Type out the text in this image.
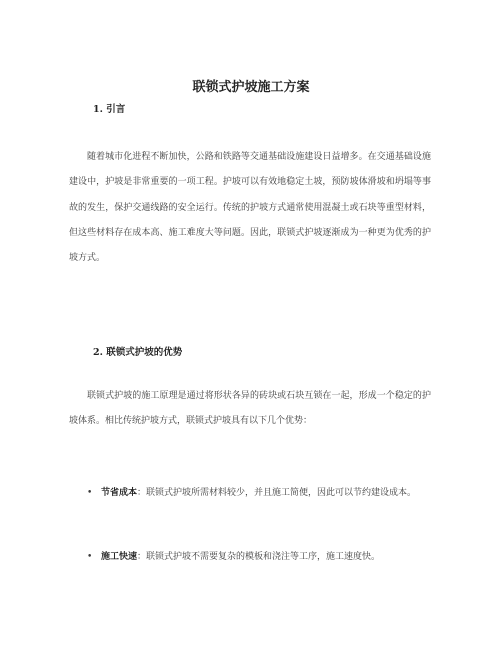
联锁式护坡施工方案
1. 引言

随着城市化进程不断加快，公路和铁路等交通基础设施建设日益增多。在交通基础设施建设中，护坡是非常重要的一项工程。护坡可以有效地稳定土坡，预防坡体滑坡和坍塌等事故的发生，保护交通线路的安全运行。传统的护坡方式通常使用混凝土或石块等重型材料，但这些材料存在成本高、施工难度大等问题。因此，联锁式护坡逐渐成为一种更为优秀的护坡方式。

2. 联锁式护坡的优势

联锁式护坡的施工原理是通过将形状各异的砖块或石块互锁在一起，形成一个稳定的护坡体系。相比传统护坡方式，联锁式护坡具有以下几个优势：

• 节省成本：联锁式护坡所需材料较少，并且施工简便，因此可以节约建设成本。

• 施工快速：联锁式护坡不需要复杂的模板和浇注等工序，施工速度快。
